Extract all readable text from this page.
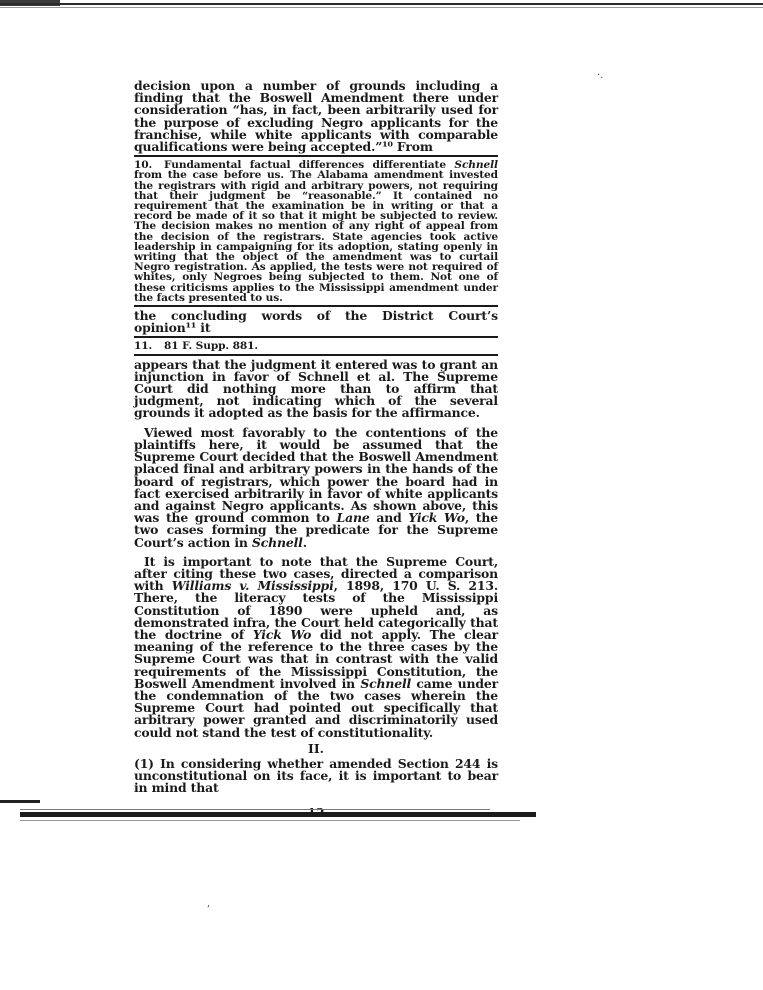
·.
,

decision upon a number of grounds including a finding that the Boswell Amendment there under consideration “has, in fact, been arbitrarily used for the purpose of excluding Negro applicants for the franchise, while white applicants with comparable qualifications were being accepted.”¹⁰ From

10. Fundamental factual differences differentiate Schnell from the case before us. The Alabama amendment invested the registrars with rigid and arbitrary powers, not requiring that their judgment be “reasonable.” It contained no requirement that the examination be in writing or that a record be made of it so that it might be subjected to review. The decision makes no mention of any right of appeal from the decision of the registrars. State agencies took active leadership in campaigning for its adoption, stating openly in writing that the object of the amendment was to curtail Negro registration. As applied, the tests were not required of whites, only Negroes being subjected to them. Not one of these criticisms applies to the Mississippi amendment under the facts presented to us.

the concluding words of the District Court’s opinion¹¹ it

11. 81 F. Supp. 881.

appears that the judgment it entered was to grant an injunction in favor of Schnell et al. The Supreme Court did nothing more than to affirm that judgment, not indicating which of the several grounds it adopted as the basis for the affirmance.

Viewed most favorably to the contentions of the plaintiffs here, it would be assumed that the Supreme Court decided that the Boswell Amendment placed final and arbitrary powers in the hands of the board of registrars, which power the board had in fact exercised arbitrarily in favor of white applicants and against Negro applicants. As shown above, this was the ground common to Lane and Yick Wo, the two cases forming the predicate for the Supreme Court’s action in Schnell.

It is important to note that the Supreme Court, after citing these two cases, directed a comparison with Williams v. Mississippi, 1898, 170 U. S. 213. There, the literacy tests of the Mississippi Constitution of 1890 were upheld and, as demonstrated infra, the Court held categorically that the doctrine of Yick Wo did not apply. The clear meaning of the reference to the three cases by the Supreme Court was that in contrast with the valid requirements of the Mississippi Constitution, the Boswell Amendment involved in Schnell came under the condemnation of the two cases wherein the Supreme Court had pointed out specifically that arbitrary power granted and discriminatorily used could not stand the test of constitutionality.

II.

(1) In considering whether amended Section 244 is unconstitutional on its face, it is important to bear in mind that
